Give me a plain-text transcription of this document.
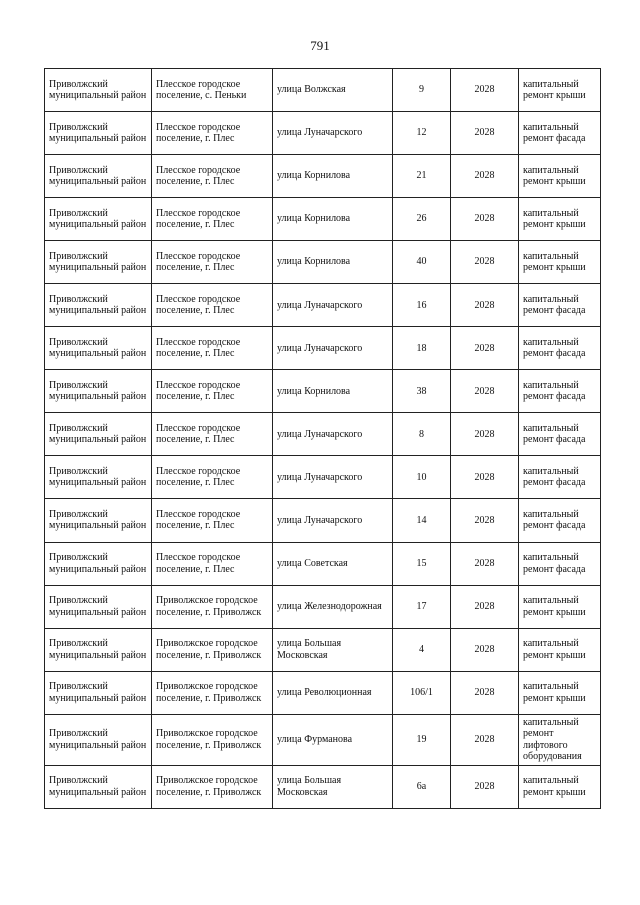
791
Приволжский муниципальный район	Плесское городское поселение, с. Пеньки	улица Волжская	9	2028	капитальный ремонт крыши
Приволжский муниципальный район	Плесское городское поселение, г. Плес	улица Луначарского	12	2028	капитальный ремонт фасада
Приволжский муниципальный район	Плесское городское поселение, г. Плес	улица Корнилова	21	2028	капитальный ремонт крыши
Приволжский муниципальный район	Плесское городское поселение, г. Плес	улица Корнилова	26	2028	капитальный ремонт крыши
Приволжский муниципальный район	Плесское городское поселение, г. Плес	улица Корнилова	40	2028	капитальный ремонт крыши
Приволжский муниципальный район	Плесское городское поселение, г. Плес	улица Луначарского	16	2028	капитальный ремонт фасада
Приволжский муниципальный район	Плесское городское поселение, г. Плес	улица Луначарского	18	2028	капитальный ремонт фасада
Приволжский муниципальный район	Плесское городское поселение, г. Плес	улица Корнилова	38	2028	капитальный ремонт фасада
Приволжский муниципальный район	Плесское городское поселение, г. Плес	улица Луначарского	8	2028	капитальный ремонт фасада
Приволжский муниципальный район	Плесское городское поселение, г. Плес	улица Луначарского	10	2028	капитальный ремонт фасада
Приволжский муниципальный район	Плесское городское поселение, г. Плес	улица Луначарского	14	2028	капитальный ремонт фасада
Приволжский муниципальный район	Плесское городское поселение, г. Плес	улица Советская	15	2028	капитальный ремонт фасада
Приволжский муниципальный район	Приволжское городское поселение, г. Приволжск	улица Железнодорожная	17	2028	капитальный ремонт крыши
Приволжский муниципальный район	Приволжское городское поселение, г. Приволжск	улица Большая Московская	4	2028	капитальный ремонт крыши
Приволжский муниципальный район	Приволжское городское поселение, г. Приволжск	улица Революционная	106/1	2028	капитальный ремонт крыши
Приволжский муниципальный район	Приволжское городское поселение, г. Приволжск	улица Фурманова	19	2028	капитальный ремонт лифтового оборудования
Приволжский муниципальный район	Приволжское городское поселение, г. Приволжск	улица Большая Московская	6а	2028	капитальный ремонт крыши
